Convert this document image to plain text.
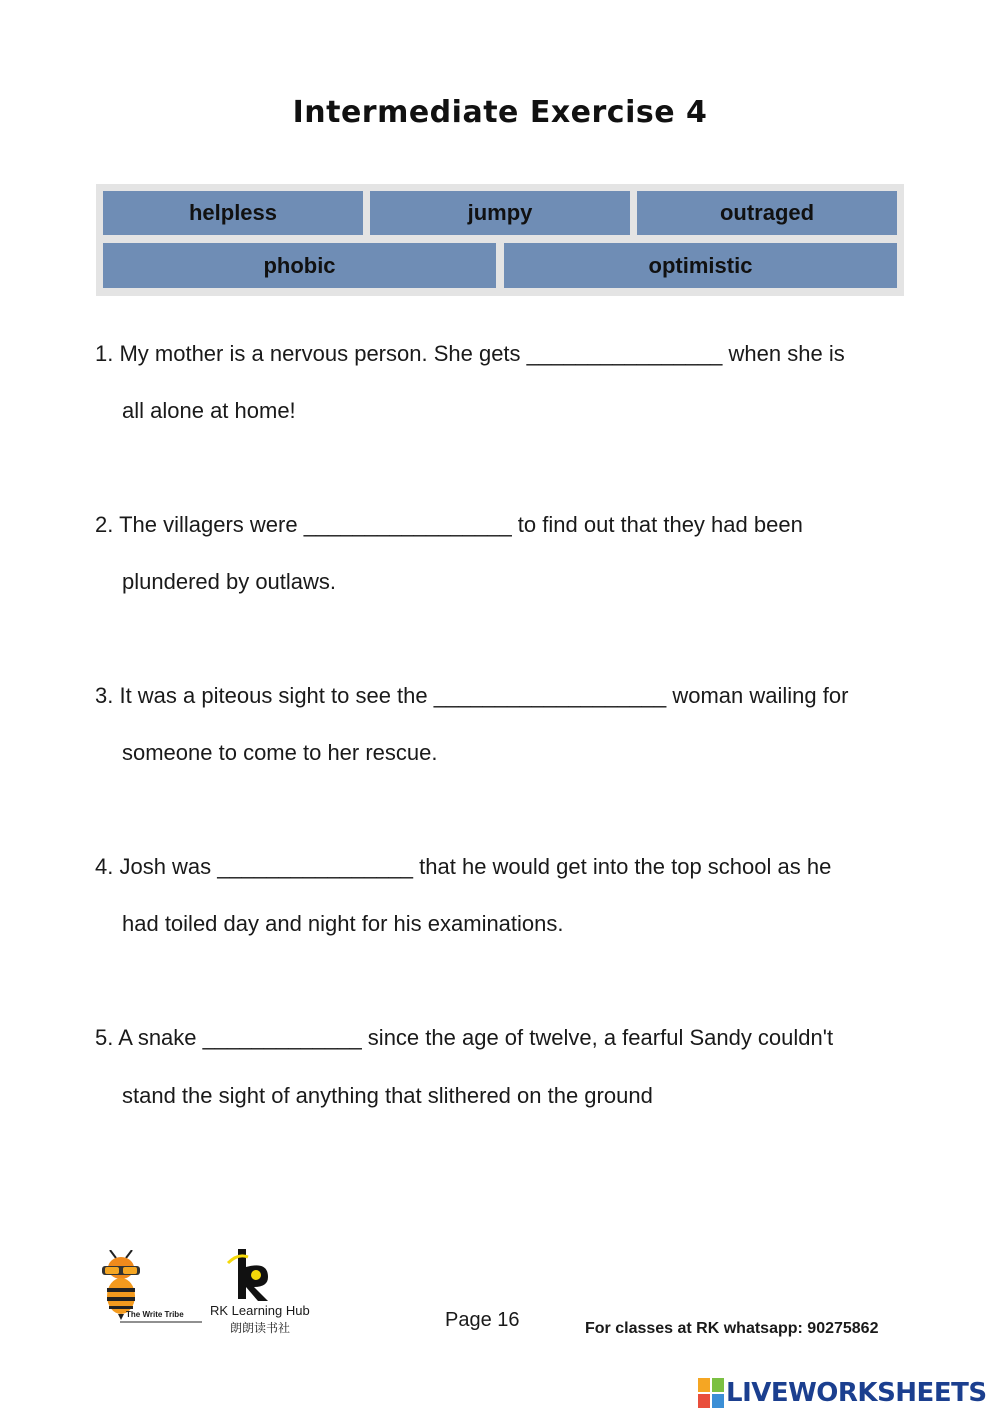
Intermediate Exercise 4
helpless	jumpy	outraged
phobic	optimistic
1. My mother is a nervous person. She gets ________________ when she is
all alone at home!
2. The villagers were _________________ to find out that they had been
plundered by outlaws.
3. It was a piteous sight to see the ___________________ woman wailing for
someone to come to her rescue.
4. Josh was ________________ that he would get into the top school as he
had toiled day and night for his examinations.
5. A snake _____________ since the age of twelve, a fearful Sandy couldn't
stand the sight of anything that slithered on the ground
The Write Tribe RK Learning Hub
朗朗读书社	Page 16	For classes at RK whatsapp: 90275862
LIVEWORKSHEETS
